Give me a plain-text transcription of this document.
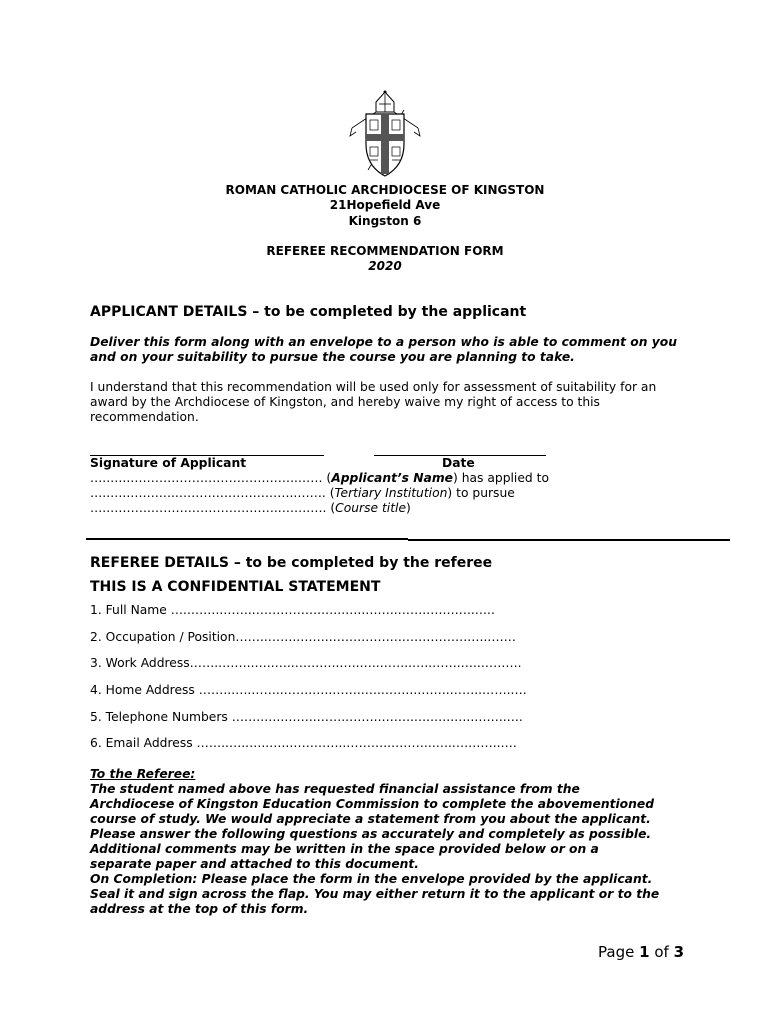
ROMAN CATHOLIC ARCHDIOCESE OF KINGSTON
21Hopefield Ave
Kingston 6
REFEREE RECOMMENDATION FORM
2020
APPLICANT DETAILS – to be completed by the applicant
Deliver this form along with an envelope to a person who is able to comment on you and on your suitability to pursue the course you are planning to take.
I understand that this recommendation will be used only for assessment of suitability for an award by the Archdiocese of Kingston, and hereby waive my right of access to this recommendation.
Signature of Applicant	Date
…..…..…………………………………..…… (Applicant’s Name) has applied to
…..…..…….…..………………………..……. (Tertiary Institution) to pursue
…..……….…………………………..…….…. (Course title)
REFEREE DETAILS – to be completed by the referee
THIS IS A CONFIDENTIAL STATEMENT
1. Full Name …..……..……..……………..…..…..……..…….….……..…..
2. Occupation / Position……..……..……..…….…….….…………….…..……
3. Work Address……..……..…..…..………..…..…..……..…..…….…..……….
4. Home Address ……..…..……..…….…..……..…..……..……..……..……..…
5. Telephone Numbers ……..…..……..……..……..……..…..…..…..……..….
6. Email Address ……..…..…..…..…………..………..………..…..………..….
To the Referee:
The student named above has requested financial assistance from the
Archdiocese of Kingston Education Commission to complete the abovementioned
course of study. We would appreciate a statement from you about the applicant.
Please answer the following questions as accurately and completely as possible.
Additional comments may be written in the space provided below or on a
separate paper and attached to this document.
On Completion: Please place the form in the envelope provided by the applicant.
Seal it and sign across the flap. You may either return it to the applicant or to the
address at the top of this form.
Page 1 of 3
